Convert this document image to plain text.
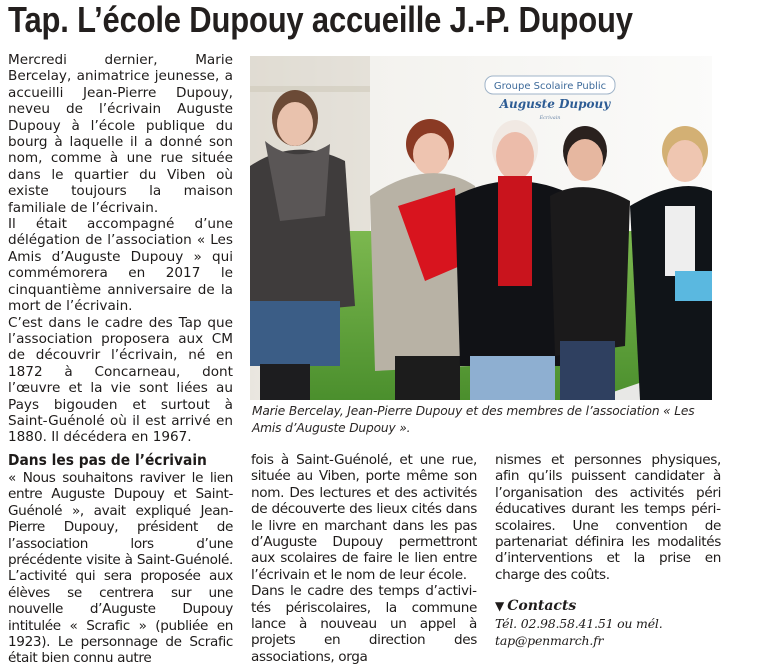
Tap. L’école Dupouy accueille J.-P. Dupouy

Mercredi dernier, Marie Bercelay, animatrice jeunesse, a accueilli Jean-Pierre Dupouy, neveu de l’écrivain Auguste Dupouy à l’école publique du bourg à laquelle il a donné son nom, comme à une rue située dans le quartier du Viben où existe toujours la maison familiale de l’écrivain.

Il était accompagné d’une délégation de l’association « Les Amis d’Auguste Dupouy » qui commémorera en 2017 le cinquantième anniversaire de la mort de l’écrivain.

C’est dans le cadre des Tap que l’association proposera aux CM de découvrir l’écrivain, né en 1872 à Concarneau, dont l’œuvre et la vie sont liées au Pays bigouden et surtout à Saint-Guénolé où il est arrivé en 1880. Il décédera en 1967.

Groupe Scolaire Public
Auguste Dupouy
Écrivain
Marie Bercelay, Jean-Pierre Dupouy et des membres de l’association « Les Amis d’Auguste Dupouy ».
Dans les pas de l’écrivain

« Nous souhaitons raviver le lien entre Auguste Dupouy et Saint-Guénolé », avait expliqué Jean-Pierre Dupouy, président de l’association lors d’une précédente visite à Saint-Guénolé. L’activité qui sera proposée aux élèves se centrera sur une nouvelle d’Auguste Dupouy intitulée « Scrafic » (publiée en 1923). Le personnage de Scrafic était bien connu autre

fois à Saint-Guénolé, et une rue, située au Viben, porte même son nom. Des lectures et des activités de découverte des lieux cités dans le livre en marchant dans les pas d’Auguste Dupouy permettront aux scolaires de faire le lien entre l’écrivain et le nom de leur école.

Dans le cadre des temps d’activités périscolaires, la commune lance à nouveau un appel à projets en direction des associations, orga

nismes et personnes physiques, afin qu’ils puissent candidater à l’organisation des activités péri éducatives durant les temps périscolaires. Une convention de partenariat définira les modalités d’interventions et la prise en charge des coûts.

▼ Contacts
Tél. 02.98.58.41.51 ou mél.
tap@penmarch.fr
